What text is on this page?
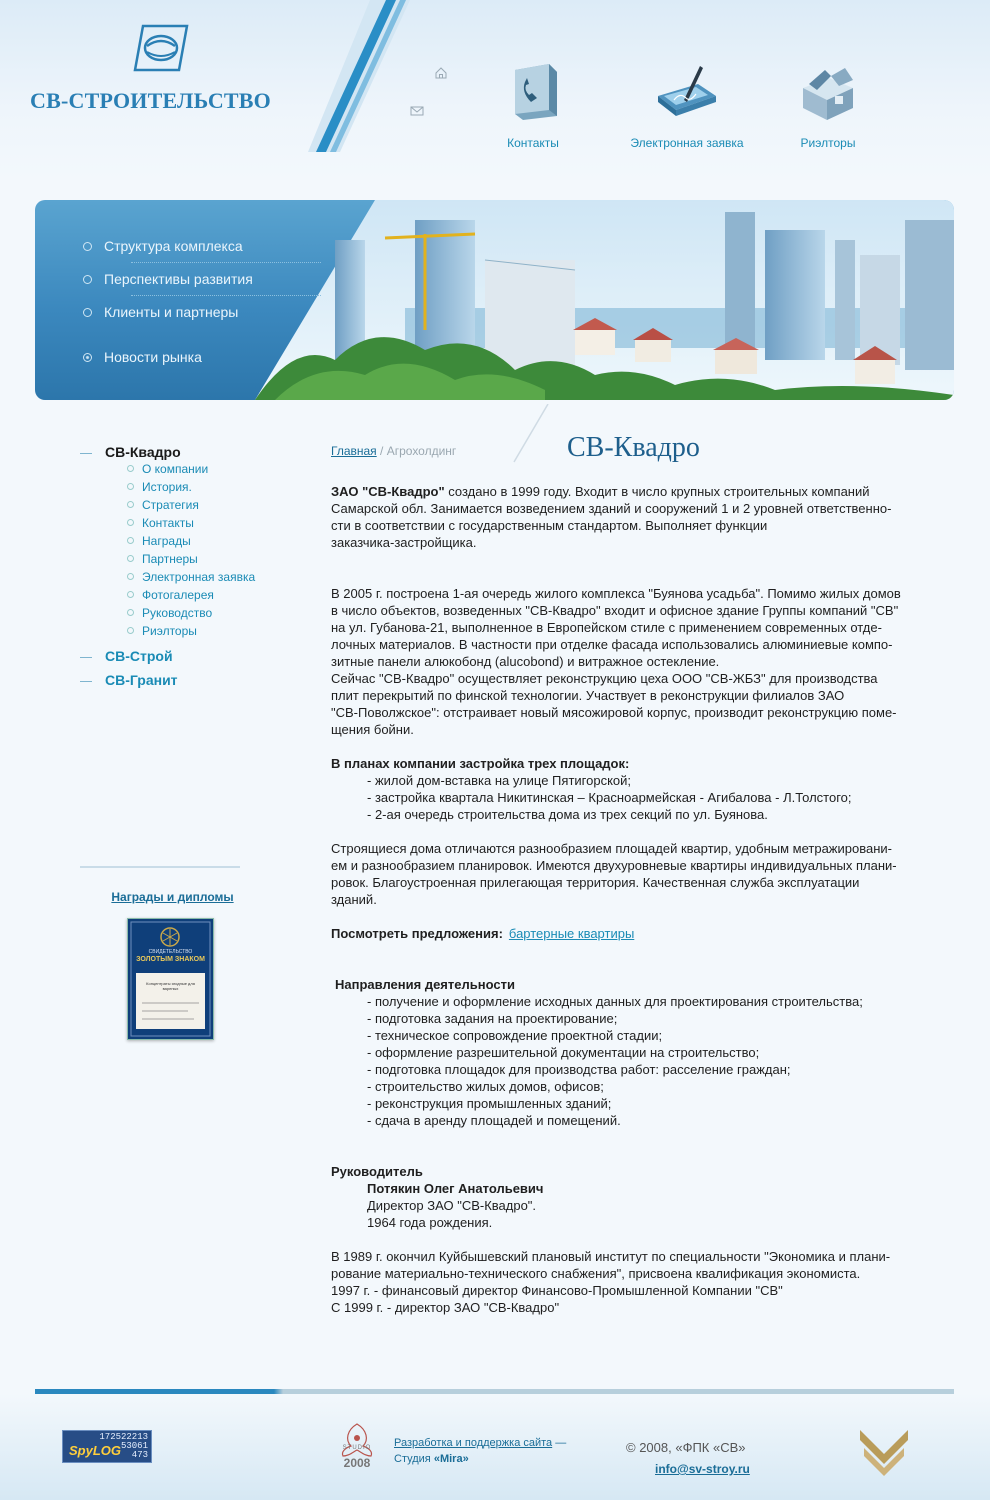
СВ-СТРОИТЕЛЬСТВО
Контакты	Электронная заявка	Риэлторы
Структура комплекса
Перспективы развития
Клиенты и партнеры
Новости рынка
СВ-Квадро
О компании
История.
Стратегия
Контакты
Награды
Партнеры
Электронная заявка
Фотогалерея
Руководство
Риэлторы
СВ-Строй
СВ-Гранит
Награды и дипломы
СВИДЕТЕЛЬСТВО
ЗОЛОТЫМ ЗНАКОМ
Концентраты ягодные для вареных
Главная / Агрохолдинг	СВ-Квадро

ЗАО "СВ-Квадро" создано в 1999 году. Входит в число крупных строительных компаний

Самарской обл. Занимается возведением зданий и сооружений 1 и 2 уровней ответственно-

сти в соответствии с государственным стандартом. Выполняет функции

заказчика-застройщика.

В 2005 г. построена 1-ая очередь жилого комплекса "Буянова усадьба". Помимо жилых домов

в число объектов, возведенных "СВ-Квадро" входит и офисное здание Группы компаний "СВ"

на ул. Губанова-21, выполненное в Европейском стиле с применением современных отде-

лочных материалов. В частности при отделке фасада использовались алюминиевые компо-

зитные панели алюкобонд (alucobond) и витражное остекление.

Сейчас "СВ-Квадро" осуществляет реконструкцию цеха ООО "СВ-ЖБЗ" для производства

плит перекрытий по финской технологии. Участвует в реконструкции филиалов ЗАО

"СВ-Поволжское": отстраивает новый мясожировой корпус, производит реконструкцию поме-

щения бойни.

В планах компании застройка трех площадок:

- жилой дом-вставка на улице Пятигорской;

- застройка квартала Никитинская – Красноармейская - Агибалова - Л.Толстого;

- 2-ая очередь строительства дома из трех секций по ул. Буянова.

Строящиеся дома отличаются разнообразием площадей квартир, удобным метражировани-

ем и разнообразием планировок. Имеются двухуровневые квартиры индивидуальных плани-

ровок. Благоустроенная прилегающая территория. Качественная служба эксплуатации

зданий.

Посмотреть предложения: бартерные квартиры

Направления деятельности

- получение и оформление исходных данных для проектирования строительства;

- подготовка задания на проектирование;

- техническое сопровождение проектной стадии;

- оформление разрешительной документации на строительство;

- подготовка площадок для производства работ: расселение граждан;

- строительство жилых домов, офисов;

- реконструкция промышленных зданий;

- сдача в аренду площадей и помещений.

Руководитель

Потякин Олег Анатольевич

Директор ЗАО "СВ-Квадро".

1964 года рождения.

В 1989 г. окончил Куйбышевский плановый институт по специальности "Экономика и плани-

рование материально-технического снабжения", присвоена квалификация экономиста.

1997 г. - финансовый директор Финансово-Промышленной Компании "СВ"

С 1999 г. - директор ЗАО "СВ-Квадро"

SpyLOG
172522213
53061
473
STUDIO
2008
Разработка и поддержка сайта —
Студия «Mira»
© 2008, «ФПК «СВ»
info@sv-stroy.ru
